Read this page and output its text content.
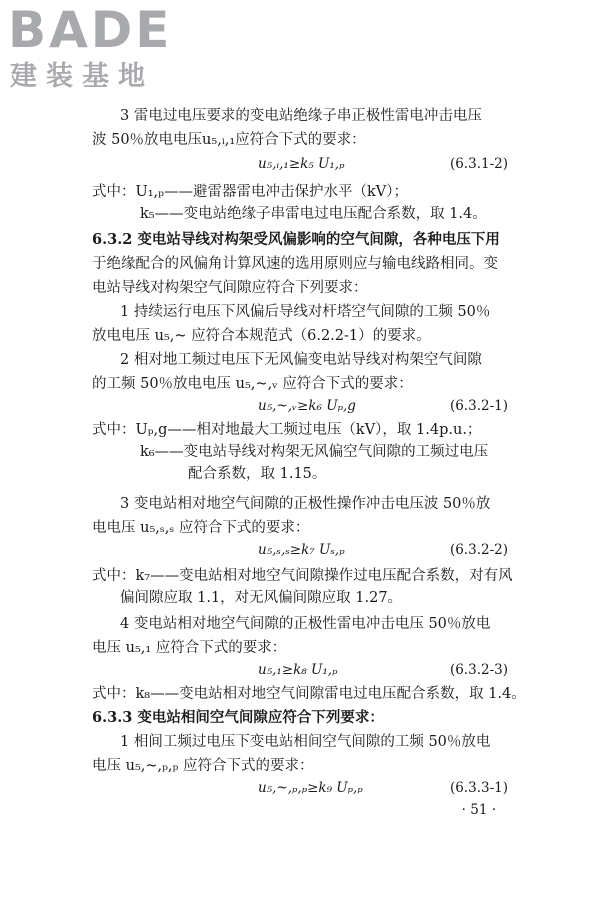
BADE
建装基地
3 雷电过电压要求的变电站绝缘子串正极性雷电冲击电压
波 50％放电电压u₅,ᵢ,₁应符合下式的要求：
u₅,ᵢ,₁≥k₅ U₁,ₚ	(6.3.1-2)
式中：U₁,ₚ——避雷器雷电冲击保护水平（kV）；
k₅——变电站绝缘子串雷电过电压配合系数，取 1.4。
6.3.2 变电站导线对构架受风偏影响的空气间隙，各种电压下用
于绝缘配合的风偏角计算风速的选用原则应与输电线路相同。变
电站导线对构架空气间隙应符合下列要求：
1 持续运行电压下风偏后导线对杆塔空气间隙的工频 50％
放电电压 u₅,~ 应符合本规范式（6.2.2-1）的要求。
2 相对地工频过电压下无风偏变电站导线对构架空气间隙
的工频 50％放电电压 u₅,~,ᵥ 应符合下式的要求：
u₅,~,ᵥ≥k₆ Uₚ,g	(6.3.2-1)
式中：Uₚ,g——相对地最大工频过电压（kV），取 1.4p.u.；
k₆——变电站导线对构架无风偏空气间隙的工频过电压
配合系数，取 1.15。
3 变电站相对地空气间隙的正极性操作冲击电压波 50％放
电电压 u₅,ₛ,ₛ 应符合下式的要求：
u₅,ₛ,ₛ≥k₇ Uₛ,ₚ	(6.3.2-2)
式中：k₇——变电站相对地空气间隙操作过电压配合系数，对有风
偏间隙应取 1.1，对无风偏间隙应取 1.27。
4 变电站相对地空气间隙的正极性雷电冲击电压 50％放电
电压 u₅,₁ 应符合下式的要求：
u₅,₁≥k₈ U₁,ₚ	(6.3.2-3)
式中：k₈——变电站相对地空气间隙雷电过电压配合系数，取 1.4。
6.3.3 变电站相间空气间隙应符合下列要求：
1 相间工频过电压下变电站相间空气间隙的工频 50％放电
电压 u₅,~,ₚ,ₚ 应符合下式的要求：
u₅,~,ₚ,ₚ≥k₉ Uₚ,ₚ	(6.3.3-1)
· 51 ·
